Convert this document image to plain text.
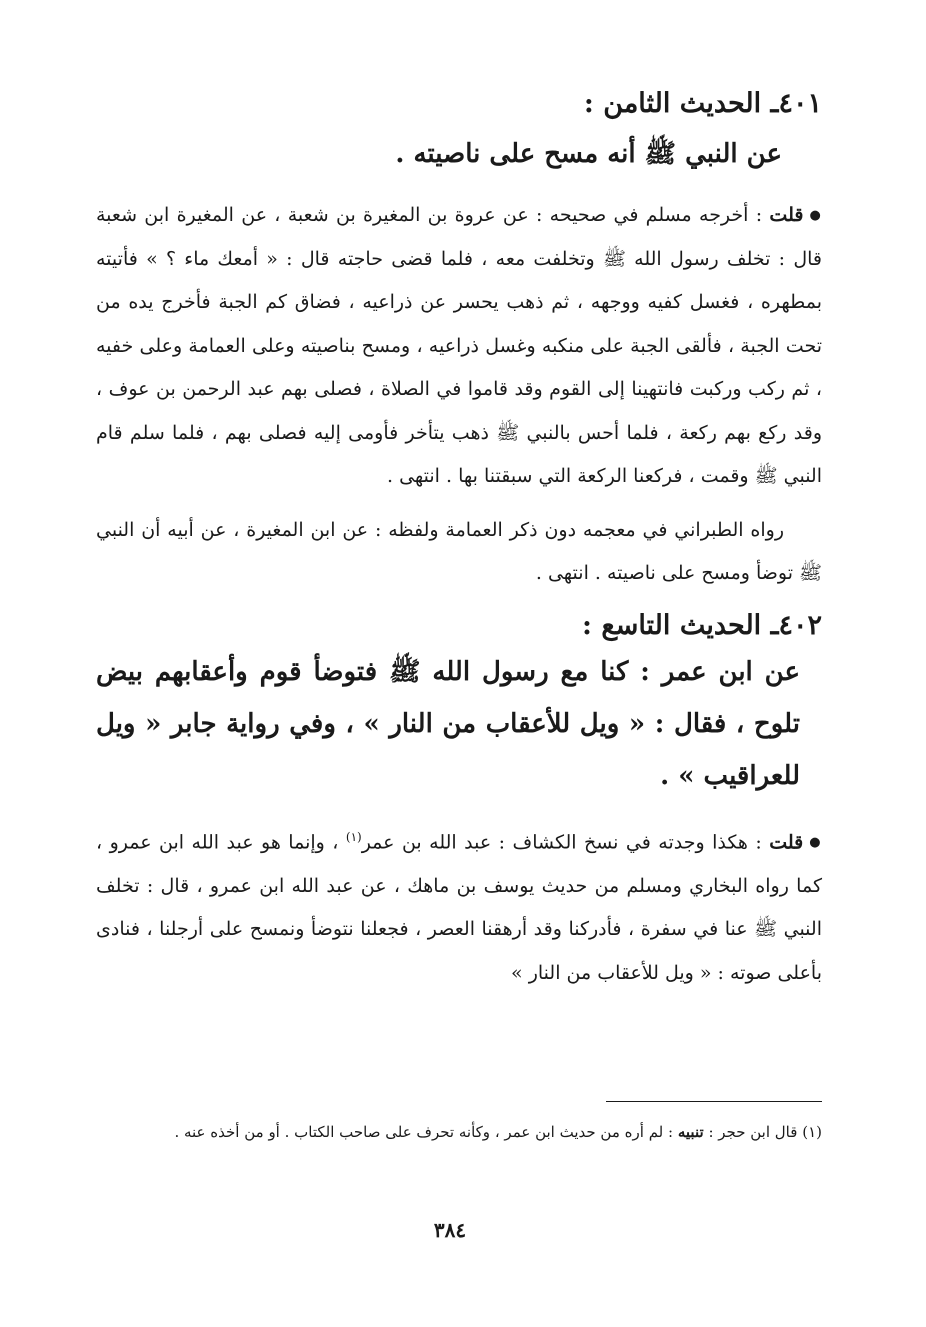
٤٠١ـ الحديث الثامن :

عن النبي ﷺ أنه مسح على ناصيته .

●قلت : أخرجه مسلم في صحيحه : عن عروة بن المغيرة بن شعبة ، عن المغيرة ابن شعبة قال : تخلف رسول الله ﷺ وتخلفت معه ، فلما قضى حاجته قال : « أمعك ماء ؟ » فأتيته بمطهره ، فغسل كفيه ووجهه ، ثم ذهب يحسر عن ذراعيه ، فضاق كم الجبة فأخرج يده من تحت الجبة ، فألقى الجبة على منكبه وغسل ذراعيه ، ومسح بناصيته وعلى العمامة وعلى خفيه ، ثم ركب وركبت فانتهينا إلى القوم وقد قاموا في الصلاة ، فصلى بهم عبد الرحمن بن عوف ، وقد ركع بهم ركعة ، فلما أحس بالنبي ﷺ ذهب يتأخر فأومى إليه فصلى بهم ، فلما سلم قام النبي ﷺ وقمت ، فركعنا الركعة التي سبقتنا بها . انتهى .

رواه الطبراني في معجمه دون ذكر العمامة ولفظه : عن ابن المغيرة ، عن أبيه أن النبي ﷺ توضأ ومسح على ناصيته . انتهى .

٤٠٢ـ الحديث التاسع :

عن ابن عمر : كنا مع رسول الله ﷺ فتوضأ قوم وأعقابهم بيض تلوح ، فقال : « ويل للأعقاب من النار » ، وفي رواية جابر « ويل للعراقيب » .

●قلت : هكذا وجدته في نسخ الكشاف : عبد الله بن عمر$^{(١)}$ ، وإنما هو عبد الله ابن عمرو ، كما رواه البخاري ومسلم من حديث يوسف بن ماهك ، عن عبد الله ابن عمرو ، قال : تخلف النبي ﷺ عنا في سفرة ، فأدركنا وقد أرهقنا العصر ، فجعلنا نتوضأ ونمسح على أرجلنا ، فنادى بأعلى صوته : « ويل للأعقاب من النار »

(١) قال ابن حجر : تنبيه : لم أره من حديث ابن عمر ، وكأنه تحرف على صاحب الكتاب . أو من أخذه عنه .
٣٨٤
